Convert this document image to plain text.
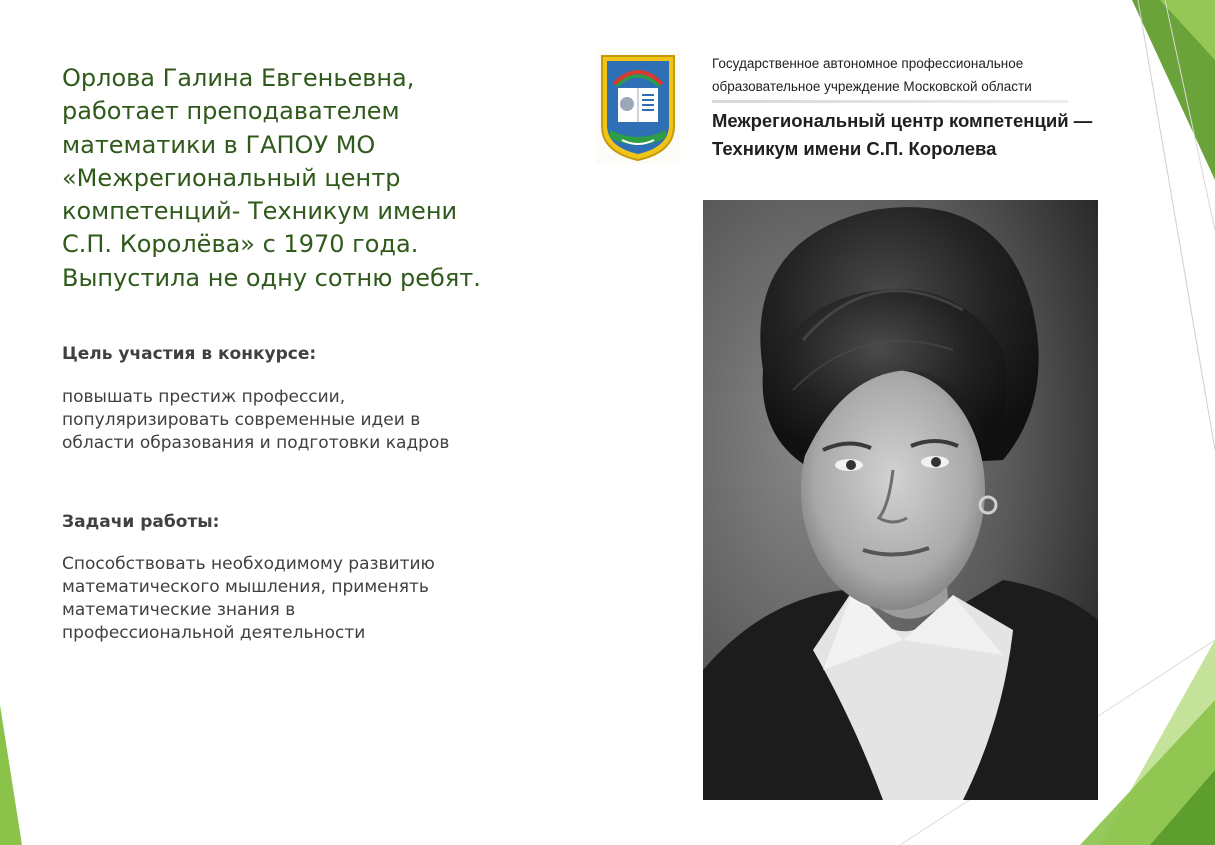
Орлова Галина Евгеньевна,
работает преподавателем
математики в ГАПОУ МО
«Межрегиональный центр
компетенций- Техникум имени
С.П. Королёва» с 1970 года.
Выпустила не одну сотню ребят.
Цель участия в конкурсе:

повышать престиж профессии,
популяризировать современные идеи в
области образования и подготовки кадров

Задачи работы:

Способствовать необходимому развитию
математического мышления, применять
математические знания в
профессиональной деятельности

Государственное автономное профессиональное

образовательное учреждение Московской области

Межрегиональный центр компетенций —

Техникум имени С.П. Королева
